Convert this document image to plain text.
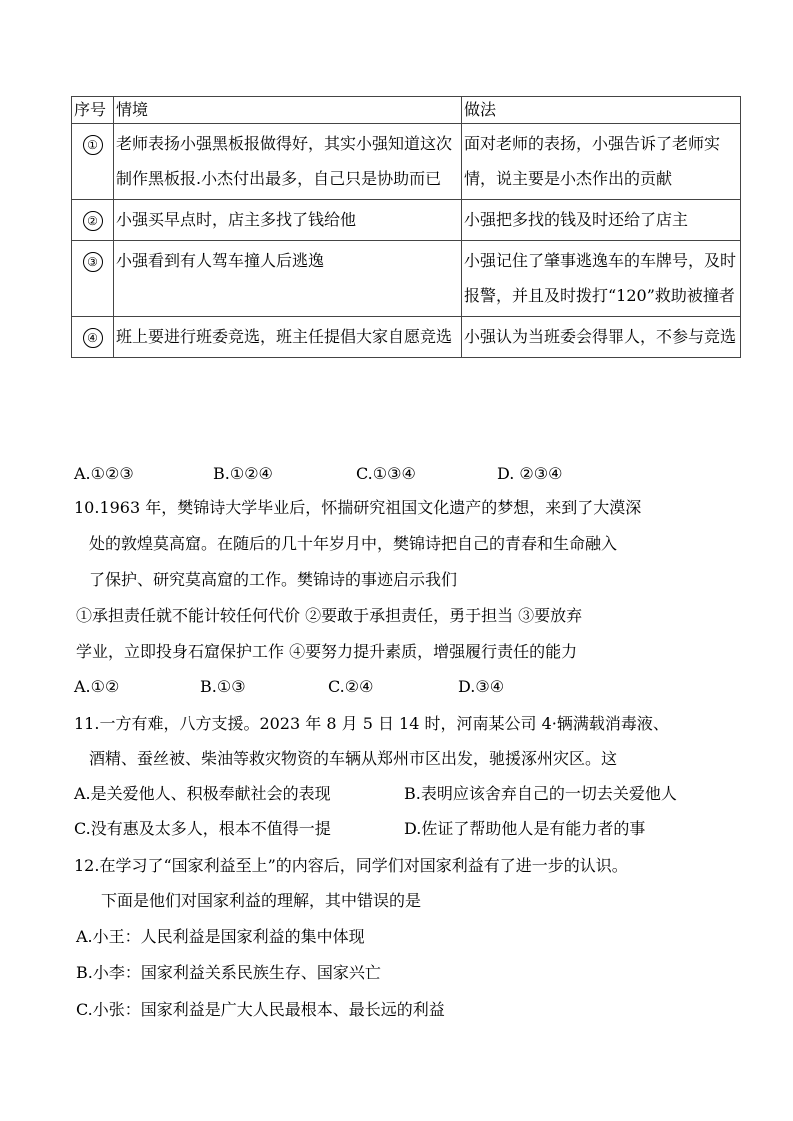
序号	情境	做法
①	老师表扬小强黑板报做得好，其实小强知道这次制作黑板报.小杰付出最多，自己只是协助而已	面对老师的表扬，小强告诉了老师实情，说主要是小杰作出的贡献
②	小强买早点时，店主多找了钱给他	小强把多找的钱及时还给了店主
③	小强看到有人驾车撞人后逃逸	小强记住了肇事逃逸车的车牌号，及时报警，并且及时拨打“120”救助被撞者
④	班上要进行班委竞选，班主任提倡大家自愿竞选	小强认为当班委会得罪人，不参与竞选
A.①②③	B.①②④	C.①③④	D. ②③④
10.1963 年，樊锦诗大学毕业后，怀揣研究祖国文化遗产的梦想，来到了大漠深
处的敦煌莫高窟。在随后的几十年岁月中，樊锦诗把自己的青春和生命融入
了保护、研究莫高窟的工作。樊锦诗的事迹启示我们
①承担责任就不能计较任何代价 ②要敢于承担责任，勇于担当 ③要放弃
学业，立即投身石窟保护工作 ④要努力提升素质，增强履行责任的能力
A.①②	B.①③	C.②④	D.③④
11.一方有难，八方支援。2023 年 8 月 5 日 14 时，河南某公司 4·辆满载消毒液、
酒精、蚕丝被、柴油等救灾物资的车辆从郑州市区出发，驰援涿州灾区。这
A.是关爱他人、积极奉献社会的表现	B.表明应该舍弃自己的一切去关爱他人
C.没有惠及太多人，根本不值得一提	D.佐证了帮助他人是有能力者的事
12.在学习了“国家利益至上”的内容后，同学们对国家利益有了进一步的认识。
下面是他们对国家利益的理解，其中错误的是
A.小王：人民利益是国家利益的集中体现
B.小李：国家利益关系民族生存、国家兴亡
C.小张：国家利益是广大人民最根本、最长远的利益
